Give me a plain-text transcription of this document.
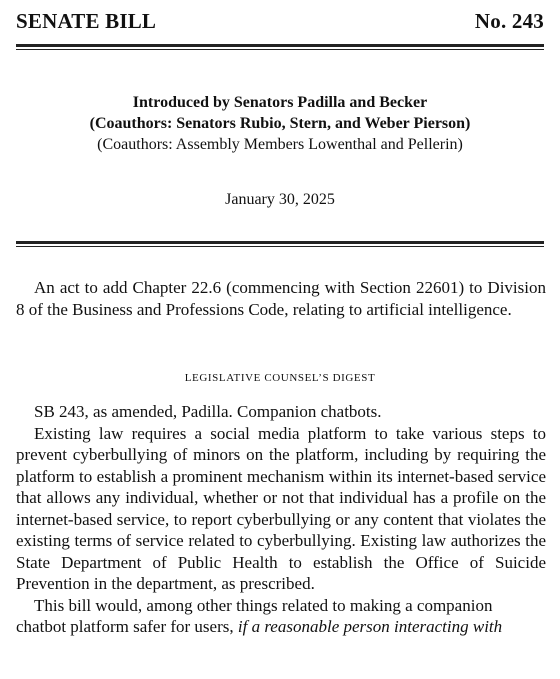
SENATE BILL	No. 243
Introduced by Senators Padilla and Becker
(Coauthors: Senators Rubio, Stern, and Weber Pierson)
(Coauthors: Assembly Members Lowenthal and Pellerin)
January 30, 2025
An act to add Chapter 22.6 (commencing with Section 22601) to Division 8 of the Business and Professions Code, relating to artificial intelligence.
LEGISLATIVE COUNSEL’S DIGEST

SB 243, as amended, Padilla. Companion chatbots.

Existing law requires a social media platform to take various steps to prevent cyberbullying of minors on the platform, including by requiring the platform to establish a prominent mechanism within its internet-based service that allows any individual, whether or not that individual has a profile on the internet-based service, to report cyberbullying or any content that violates the existing terms of service related to cyberbullying. Existing law authorizes the State Department of Public Health to establish the Office of Suicide Prevention in the department, as prescribed.

This bill would, among other things related to making a companion chatbot platform safer for users, if a reasonable person interacting with
